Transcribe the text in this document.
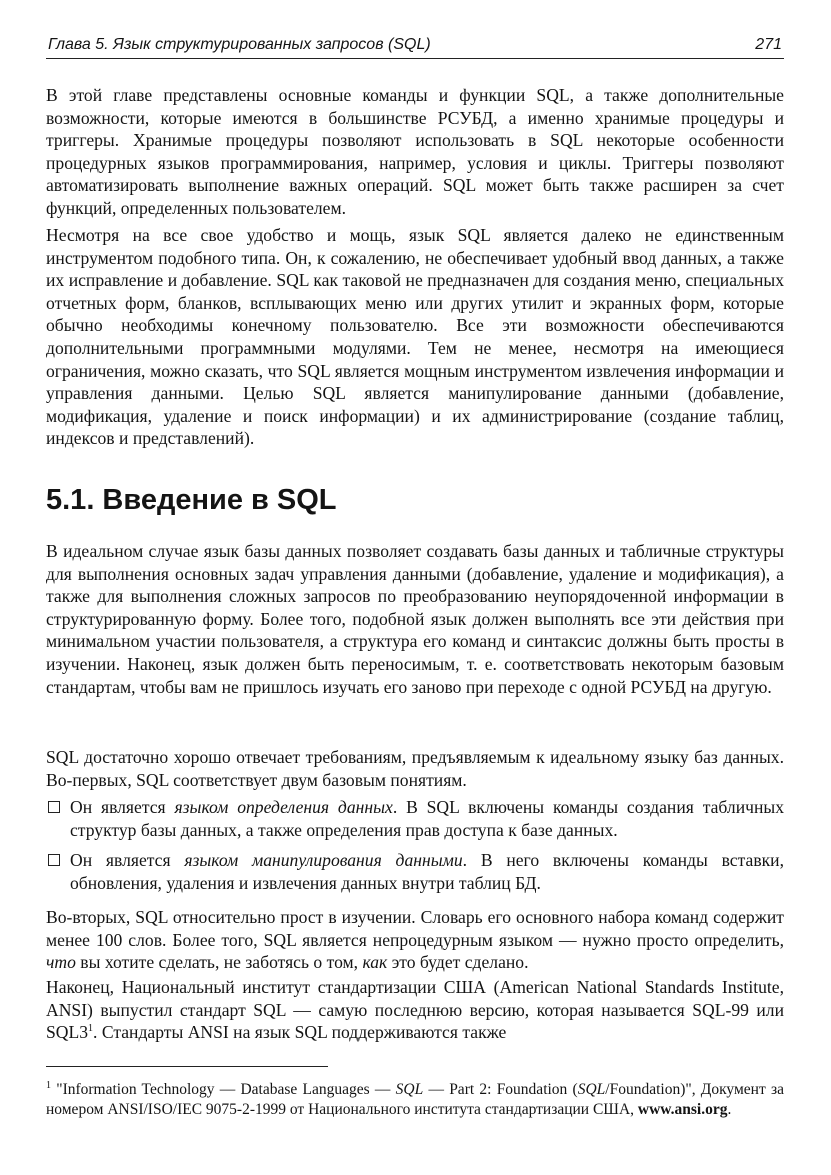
Глава 5. Язык структурированных запросов (SQL)	271

В этой главе представлены основные команды и функции SQL, а также дополнительные возможности, которые имеются в большинстве РСУБД, а именно хранимые процедуры и триггеры. Хранимые процедуры позволяют использовать в SQL некоторые особенности процедурных языков программирования, например, условия и циклы. Триггеры позволяют автоматизировать выполнение важных операций. SQL может быть также расширен за счет функций, определенных пользователем.

Несмотря на все свое удобство и мощь, язык SQL является далеко не единственным инструментом подобного типа. Он, к сожалению, не обеспечивает удобный ввод данных, а также их исправление и добавление. SQL как таковой не предназначен для создания меню, специальных отчетных форм, бланков, всплывающих меню или других утилит и экранных форм, которые обычно необходимы конечному пользователю. Все эти возможности обеспечиваются дополнительными программными модулями. Тем не менее, несмотря на имеющиеся ограничения, можно сказать, что SQL является мощным инструментом извлечения информации и управления данными. Целью SQL является манипулирование данными (добавление, модификация, удаление и поиск информации) и их администрирование (создание таблиц, индексов и представлений).

5.1. Введение в SQL

В идеальном случае язык базы данных позволяет создавать базы данных и табличные структуры для выполнения основных задач управления данными (добавление, удаление и модификация), а также для выполнения сложных запросов по преобразованию неупорядоченной информации в структурированную форму. Более того, подобной язык должен выполнять все эти действия при минимальном участии пользователя, а структура его команд и синтаксис должны быть просты в изучении. Наконец, язык должен быть переносимым, т. е. соответствовать некоторым базовым стандартам, чтобы вам не пришлось изучать его заново при переходе с одной РСУБД на другую.

SQL достаточно хорошо отвечает требованиям, предъявляемым к идеальному языку баз данных. Во-первых, SQL соответствует двум базовым понятиям.

Он является языком определения данных. В SQL включены команды создания табличных структур базы данных, а также определения прав доступа к базе данных.
Он является языком манипулирования данными. В него включены команды вставки, обновления, удаления и извлечения данных внутри таблиц БД.

Во-вторых, SQL относительно прост в изучении. Словарь его основного набора команд содержит менее 100 слов. Более того, SQL является непроцедурным языком — нужно просто определить, что вы хотите сделать, не заботясь о том, как это будет сделано.

Наконец, Национальный институт стандартизации США (American National Standards Institute, ANSI) выпустил стандарт SQL — самую последнюю версию, которая называется SQL-99 или $SQL3^1$. Стандарты ANSI на язык SQL поддерживаются также

$^1$ "Information Technology — Database Languages — SQL — Part 2: Foundation (SQL/Foundation)", Документ за номером ANSI/ISO/IEC 9075-2-1999 от Национального института стандартизации США, www.ansi.org.
